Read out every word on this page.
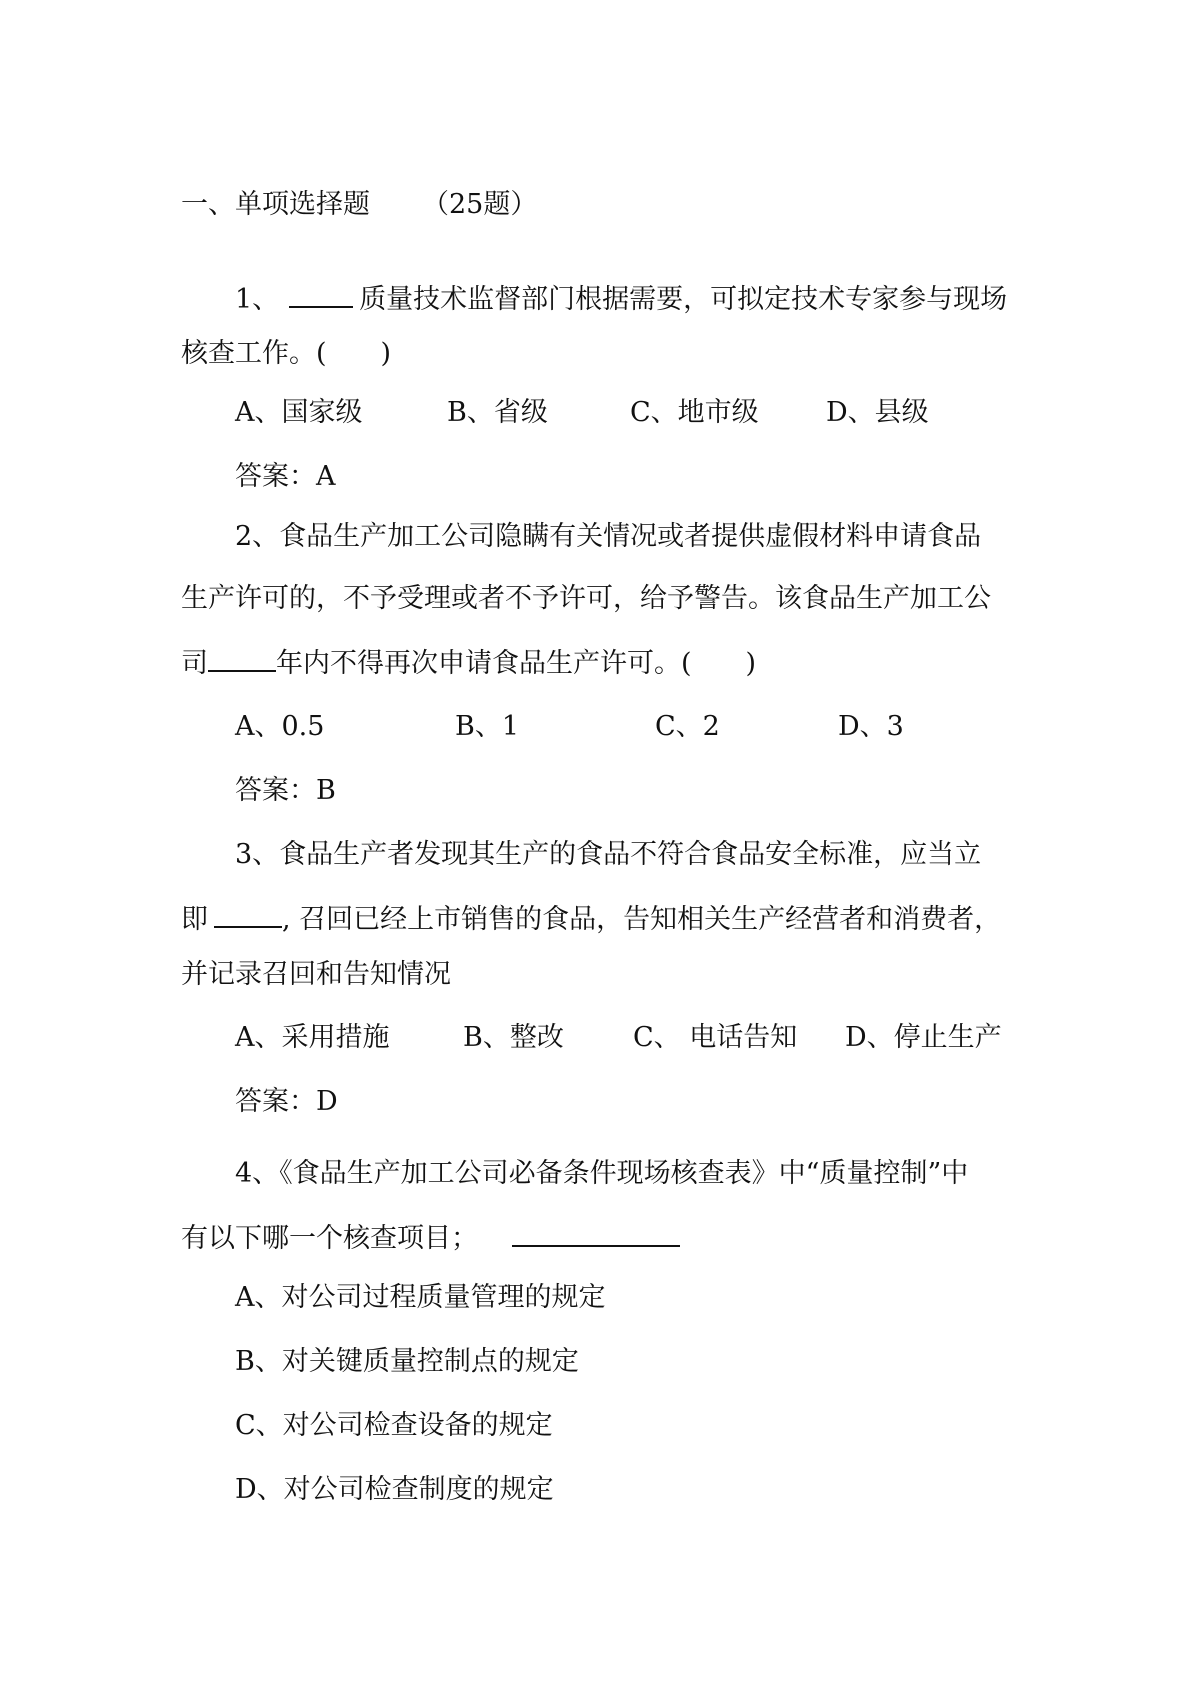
一、单项选择题 （25题）
1、	质量技术监督部门根据需要，可拟定技术专家参与现场
核查工作。(　　)
A、国家级	B、省级	C、地市级 D、县级
答案：A
2、食品生产加工公司隐瞒有关情况或者提供虚假材料申请食品
生产许可的，不予受理或者不予许可，给予警告。该食品生产加工公
司	年内不得再次申请食品生产许可。(　　)
A、0.5	B、1	C、2	D、3
答案：B
3、食品生产者发现其生产的食品不符合食品安全标准，应当立
即	, 召回已经上市销售的食品，告知相关生产经营者和消费者，
并记录召回和告知情况
A、采用措施	B、整改	C、 电话告知 D、停止生产
答案：D
4、《食品生产加工公司必备条件现场核查表》中“质量控制”中
有以下哪一个核查项目；
A、对公司过程质量管理的规定
B、对关键质量控制点的规定
C、对公司检查设备的规定
D、对公司检查制度的规定
